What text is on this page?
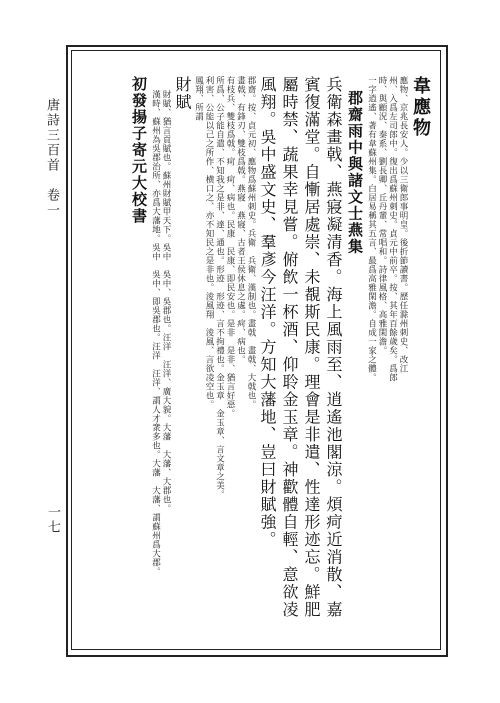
唐詩三百首　卷一
一七
韋應物
應物、京兆長安人。少以三衛郎事明皇。後折節讀書。歷任滁州刺史、改江
州、入爲左司郎中。復出爲蘇州刺史。貞元中前卒。按、其年百餘歲矣。爲郎
時、與顧況、秦系、劉長卿、丘丹輩、常唱和。詩律風格、高雅閑澹。
一字逍遙、著有韋蘇州集。白居易稱其五言、最爲高雅閑澹。自成一家之體。
郡齋雨中與諸文士燕集
兵衛森畫戟、燕寢凝清香。海上風雨至、逍遙池閣涼。煩疴近消散、嘉
賓復滿堂。自慚居處崇、未覩斯民康。理會是非遣、性達形迹忘。鮮肥
屬時禁、蔬果幸見嘗。俯飲一杯酒、仰聆金玉章。神歡體自輕、意欲凌
風翔。吳中盛文史、羣彥今汪洋。方知大藩地、豈曰財賦強。
郡齋。按、貞元初、應物爲蘇州刺史。兵衛　兵衛、漢制也。畫戟　畫戟、大戟也。
畫戟、有鋒刃、雙枝爲戟。燕寢　燕寢、古者王侯休息之處。疴、病也。
有枝兵、雙枝爲戟。疴　疴、病也。民康　民康、即民安也。是非　是非、猶言好惡。
所爲、公子能自遣、不知我之是非、達、通也。形迹　形迹、言不拘禮也。金玉章　金玉章、言文章之美。
利害、公能以己之所作、横口之、亦不知民之是非也。淩風翔　淩風、言欲凌空也。
鳳翔、所謂
財賦
財賦、猶言貢賦也。蘇州財賦甲天下。吳中　吳中、吳郡也。汪洋　汪洋、廣大貌。大藩　大藩、大郡也。
漢時、蘇州為吳郡治所、亦爲大藩地。吳中　吳中、即吳郡也。汪洋　汪洋、謂人才衆多也。大藩　大藩、謂蘇州爲大郡。
初發揚子寄元大校書
